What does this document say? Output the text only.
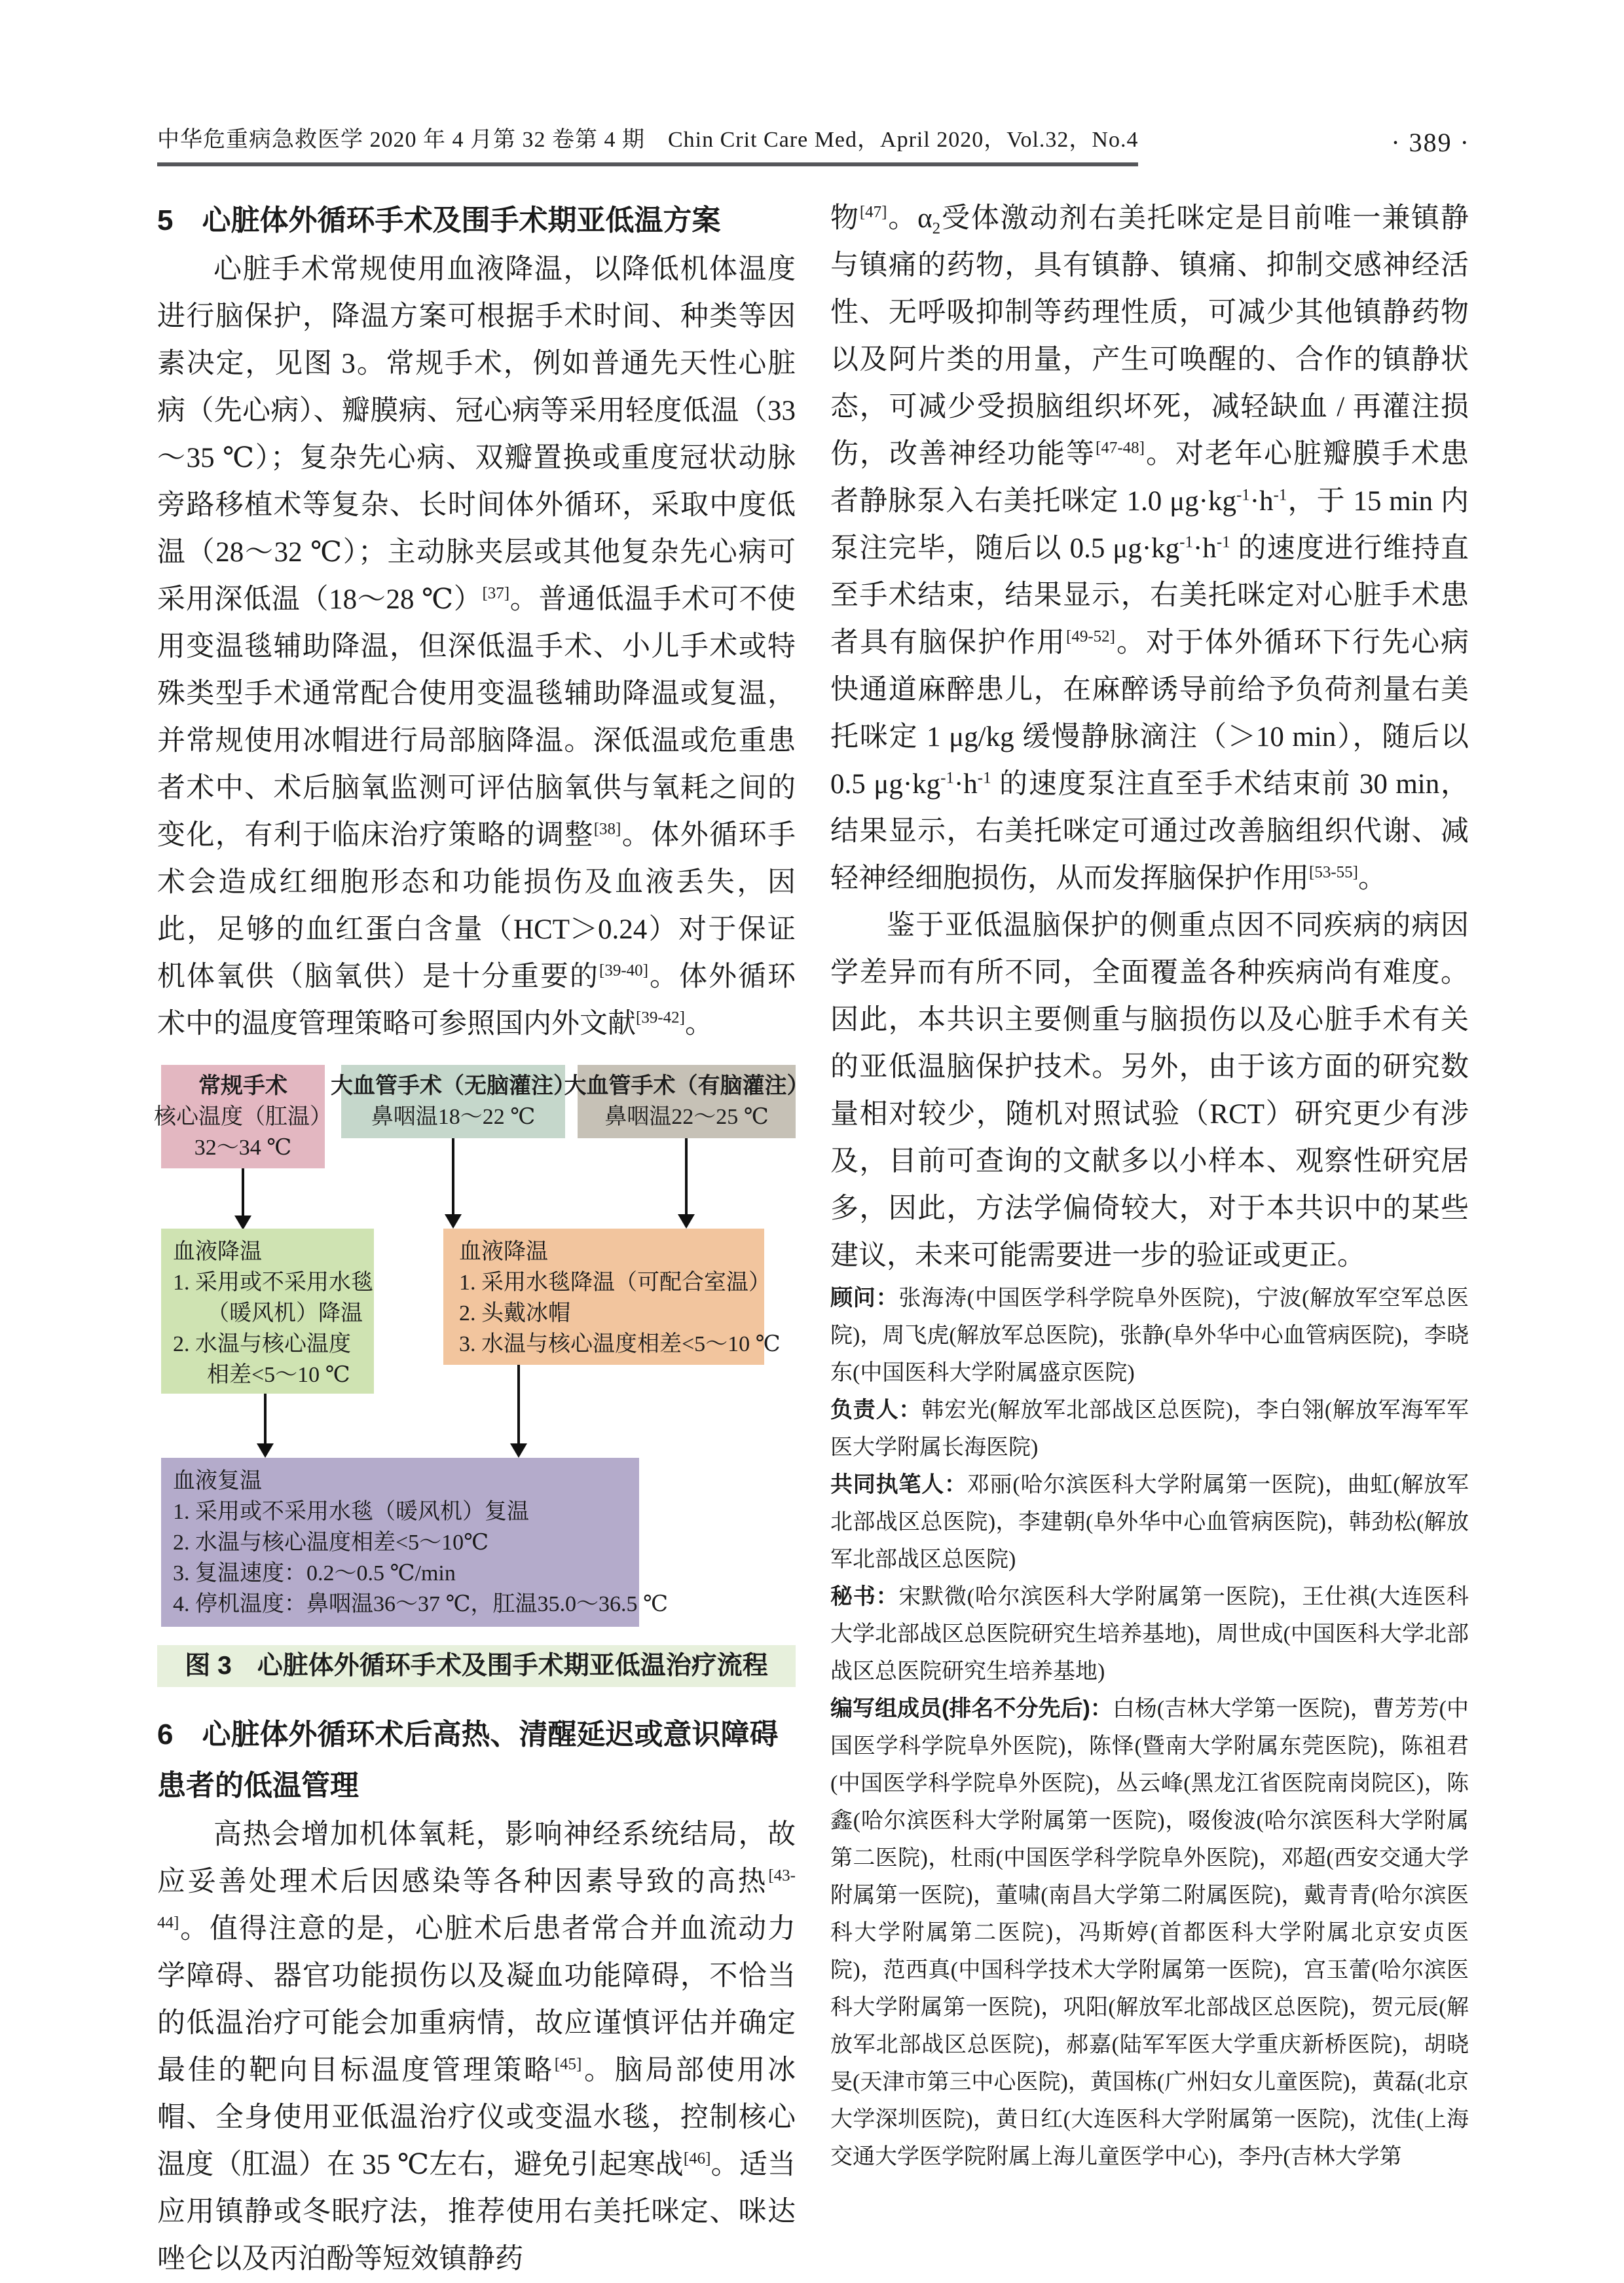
中华危重病急救医学 2020 年 4 月第 32 卷第 4 期　Chin Crit Care Med，April 2020，Vol.32，No.4	· 389 ·
5　心脏体外循环手术及围手术期亚低温方案

心脏手术常规使用血液降温，以降低机体温度进行脑保护，降温方案可根据手术时间、种类等因素决定，见图 3。常规手术，例如普通先天性心脏病（先心病）、瓣膜病、冠心病等采用轻度低温（33～35 ℃）；复杂先心病、双瓣置换或重度冠状动脉旁路移植术等复杂、长时间体外循环，采取中度低温（28～32 ℃）；主动脉夹层或其他复杂先心病可采用深低温（18～28 ℃）[37]。普通低温手术可不使用变温毯辅助降温，但深低温手术、小儿手术或特殊类型手术通常配合使用变温毯辅助降温或复温，并常规使用冰帽进行局部脑降温。深低温或危重患者术中、术后脑氧监测可评估脑氧供与氧耗之间的变化，有利于临床治疗策略的调整[38]。体外循环手术会造成红细胞形态和功能损伤及血液丢失，因此，足够的血红蛋白含量（HCT＞0.24）对于保证机体氧供（脑氧供）是十分重要的[39-40]。体外循环术中的温度管理策略可参照国内外文献[39-42]。

常规手术
核心温度（肛温）
32～34 ℃
大血管手术（无脑灌注）
鼻咽温18～22 ℃
大血管手术（有脑灌注）
鼻咽温22～25 ℃
血液降温
1. 采用或不采用水毯
（暖风机）降温
2. 水温与核心温度
相差<5～10 ℃
血液降温
1. 采用水毯降温（可配合室温）
2. 头戴冰帽
3. 水温与核心温度相差<5～10 ℃
血液复温
1. 采用或不采用水毯（暖风机）复温
2. 水温与核心温度相差<5～10℃
3. 复温速度：0.2～0.5 ℃/min
4. 停机温度：鼻咽温36～37 ℃，肛温35.0～36.5 ℃
图 3　心脏体外循环手术及围手术期亚低温治疗流程
6　心脏体外循环术后高热、清醒延迟或意识障碍患者的低温管理

高热会增加机体氧耗，影响神经系统结局，故应妥善处理术后因感染等各种因素导致的高热[43-44]。值得注意的是，心脏术后患者常合并血流动力学障碍、器官功能损伤以及凝血功能障碍，不恰当的低温治疗可能会加重病情，故应谨慎评估并确定最佳的靶向目标温度管理策略[45]。脑局部使用冰帽、全身使用亚低温治疗仪或变温水毯，控制核心温度（肛温）在 35 ℃左右，避免引起寒战[46]。适当应用镇静或冬眠疗法，推荐使用右美托咪定、咪达唑仑以及丙泊酚等短效镇静药

物[47]。$\alpha_2$受体激动剂右美托咪定是目前唯一兼镇静与镇痛的药物，具有镇静、镇痛、抑制交感神经活性、无呼吸抑制等药理性质，可减少其他镇静药物以及阿片类的用量，产生可唤醒的、合作的镇静状态，可减少受损脑组织坏死，减轻缺血 / 再灌注损伤，改善神经功能等[47-48]。对老年心脏瓣膜手术患者静脉泵入右美托咪定 1.0 $\mu g\cdot kg^{-1}\cdot h^{-1}$，于 15 min 内泵注完毕，随后以 0.5 $\mu g\cdot kg^{-1}\cdot h^{-1}$ 的速度进行维持直至手术结束，结果显示，右美托咪定对心脏手术患者具有脑保护作用[49-52]。对于体外循环下行先心病快通道麻醉患儿，在麻醉诱导前给予负荷剂量右美托咪定 1 μg/kg 缓慢静脉滴注（＞10 min），随后以 0.5 $\mu g\cdot kg^{-1}\cdot h^{-1}$ 的速度泵注直至手术结束前 30 min，结果显示，右美托咪定可通过改善脑组织代谢、减轻神经细胞损伤，从而发挥脑保护作用[53-55]。

鉴于亚低温脑保护的侧重点因不同疾病的病因学差异而有所不同，全面覆盖各种疾病尚有难度。因此，本共识主要侧重与脑损伤以及心脏手术有关的亚低温脑保护技术。另外，由于该方面的研究数量相对较少，随机对照试验（RCT）研究更少有涉及，目前可查询的文献多以小样本、观察性研究居多，因此，方法学偏倚较大，对于本共识中的某些建议，未来可能需要进一步的验证或更正。

顾问：张海涛(中国医学科学院阜外医院)，宁波(解放军空军总医院)，周飞虎(解放军总医院)，张静(阜外华中心血管病医院)，李晓东(中国医科大学附属盛京医院)

负责人：韩宏光(解放军北部战区总医院)，李白翎(解放军海军军医大学附属长海医院)

共同执笔人：邓丽(哈尔滨医科大学附属第一医院)，曲虹(解放军北部战区总医院)，李建朝(阜外华中心血管病医院)，韩劲松(解放军北部战区总医院)

秘书：宋默微(哈尔滨医科大学附属第一医院)，王仕祺(大连医科大学北部战区总医院研究生培养基地)，周世成(中国医科大学北部战区总医院研究生培养基地)

编写组成员(排名不分先后)：白杨(吉林大学第一医院)，曹芳芳(中国医学科学院阜外医院)，陈怿(暨南大学附属东莞医院)，陈祖君(中国医学科学院阜外医院)，丛云峰(黑龙江省医院南岗院区)，陈鑫(哈尔滨医科大学附属第一医院)，啜俊波(哈尔滨医科大学附属第二医院)，杜雨(中国医学科学院阜外医院)，邓超(西安交通大学附属第一医院)，董啸(南昌大学第二附属医院)，戴青青(哈尔滨医科大学附属第二医院)，冯斯婷(首都医科大学附属北京安贞医院)，范西真(中国科学技术大学附属第一医院)，宫玉蕾(哈尔滨医科大学附属第一医院)，巩阳(解放军北部战区总医院)，贺元辰(解放军北部战区总医院)，郝嘉(陆军军医大学重庆新桥医院)，胡晓旻(天津市第三中心医院)，黄国栋(广州妇女儿童医院)，黄磊(北京大学深圳医院)，黄日红(大连医科大学附属第一医院)，沈佳(上海交通大学医学院附属上海儿童医学中心)，李丹(吉林大学第
